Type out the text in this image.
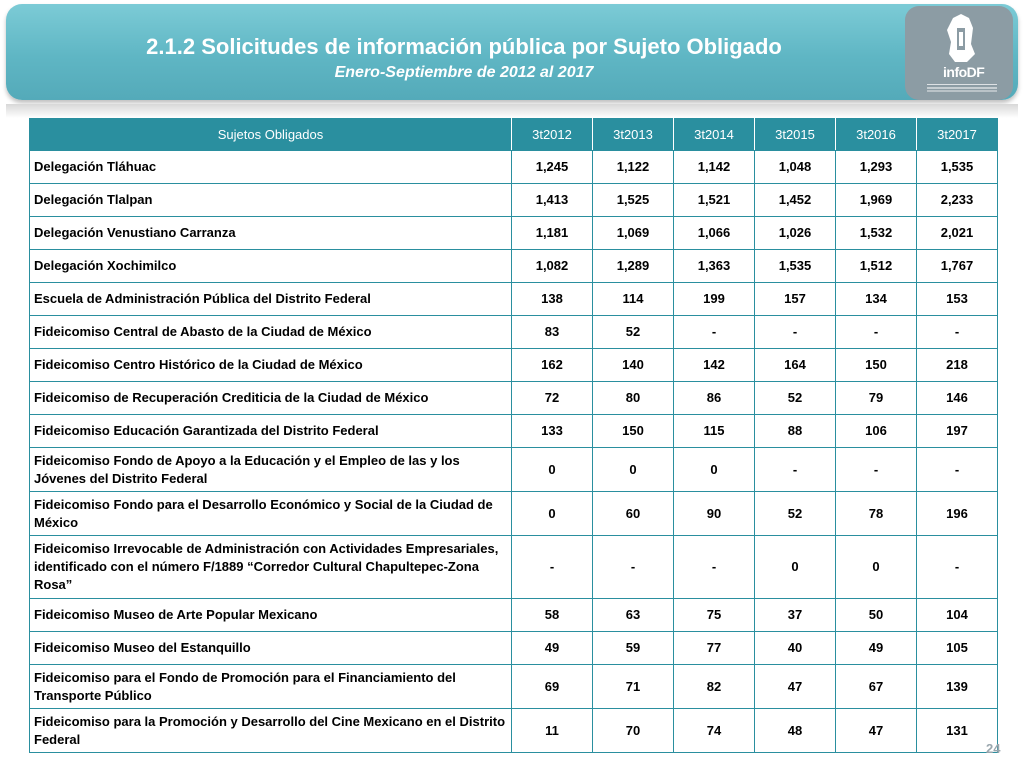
2.1.2 Solicitudes de información pública por Sujeto Obligado
Enero-Septiembre de 2012 al 2017	infoDF
Sujetos Obligados	3t2012	3t2013	3t2014	3t2015	3t2016	3t2017
Delegación Tláhuac	1,245	1,122	1,142	1,048	1,293	1,535
Delegación Tlalpan	1,413	1,525	1,521	1,452	1,969	2,233
Delegación Venustiano Carranza	1,181	1,069	1,066	1,026	1,532	2,021
Delegación Xochimilco	1,082	1,289	1,363	1,535	1,512	1,767
Escuela de Administración Pública del Distrito Federal	138	114	199	157	134	153
Fideicomiso Central de Abasto de la Ciudad de México	83	52	-	-	-	-
Fideicomiso Centro Histórico de la Ciudad de México	162	140	142	164	150	218
Fideicomiso de Recuperación Crediticia de la Ciudad de México	72	80	86	52	79	146
Fideicomiso Educación Garantizada del Distrito Federal	133	150	115	88	106	197
Fideicomiso Fondo de Apoyo a la Educación y el Empleo de las y los Jóvenes del Distrito Federal	0	0	0	-	-	-
Fideicomiso Fondo para el Desarrollo Económico y Social de la Ciudad de México	0	60	90	52	78	196
Fideicomiso Irrevocable de Administración con Actividades Empresariales, identificado con el número F/1889 “Corredor Cultural Chapultepec-Zona Rosa”	-	-	-	0	0	-
Fideicomiso Museo de Arte Popular Mexicano	58	63	75	37	50	104
Fideicomiso Museo del Estanquillo	49	59	77	40	49	105
Fideicomiso para el Fondo de Promoción para el Financiamiento del Transporte Público	69	71	82	47	67	139
Fideicomiso para la Promoción y Desarrollo del Cine Mexicano en el Distrito Federal	11	70	74	48	47	131
24
